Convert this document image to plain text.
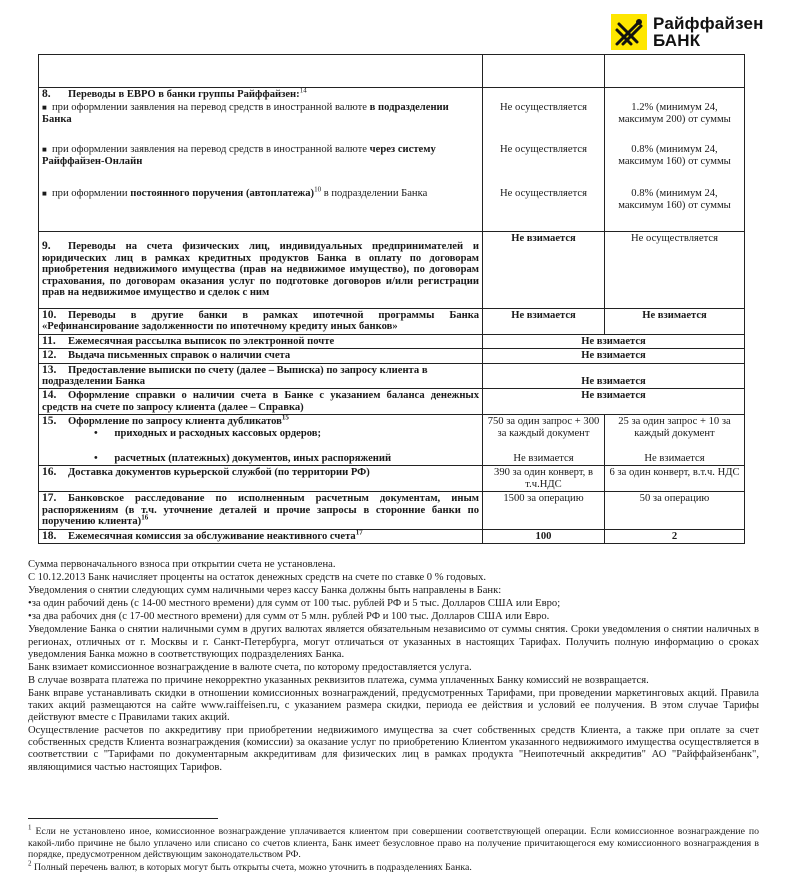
Райффайзен
БАНК

8. Переводы в ЕВРО в банки группы Райффайзен:$^{14}$		
■ при оформлении заявления на перевод средств в иностранной валюте в подразделении Банка	Не осуществляется	1.2% (минимум 24, максимум 200) от суммы
■ при оформлении заявления на перевод средств в иностранной валюте через систему Райффайзен-Онлайн	Не осуществляется	0.8% (минимум 24, максимум 160) от суммы
■ при оформлении постоянного поручения (автоплатежа)$^{10}$ в подразделении Банка	Не осуществляется	0.8% (минимум 24, максимум 160) от суммы
9. Переводы на счета физических лиц, индивидуальных предпринимателей и юридических лиц в рамках кредитных продуктов Банка в оплату по договорам приобретения недвижимого имущества (прав на недвижимое имущество), по договорам страхования, по договорам оказания услуг по подготовке договоров и/или регистрации прав на недвижимое имущество и сделок с ним	Не взимается	Не осуществляется
10. Переводы в другие банки в рамках ипотечной программы Банка «Рефинансирование задолженности по ипотечному кредиту иных банков»	Не взимается	Не взимается
11. Ежемесячная рассылка выписок по электронной почте	Не взимается	
12. Выдача письменных справок о наличии счета	Не взимается	
13. Предоставление выписки по счету (далее – Выписка) по запросу клиента в подразделении Банка	Не взимается	
14. Оформление справки о наличии счета в Банке с указанием баланса денежных средств на счете по запросу клиента (далее – Справка)	Не взимается	
15. Оформление по запросу клиента дубликатов$^{15}$
• приходных и расходных кассовых ордеров;	750 за один запрос + 300 за каждый документ	25 за один запрос + 10 за каждый документ
• расчетных (платежных) документов, иных распоряжений	Не взимается	Не взимается
16. Доставка документов курьерской службой (по территории РФ)	390 за один конверт, в т.ч.НДС	6 за один конверт, в.т.ч. НДС
17. Банковское расследование по исполненным расчетным документам, иным распоряжениям (в т.ч. уточнение деталей и прочие запросы в сторонние банки по поручению клиента)$^{16}$	1500 за операцию	50 за операцию
18. Ежемесячная комиссия за обслуживание неактивного счета$^{17}$	100	2

Сумма первоначального взноса при открытии счета не установлена.

С 10.12.2013 Банк начисляет проценты на остаток денежных средств на счете по ставке 0 % годовых.

Уведомления о снятии следующих сумм наличными через кассу Банка должны быть направлены в Банк:

•за один рабочий день (с 14-00 местного времени) для сумм от 100 тыс. рублей РФ и 5 тыс. Долларов США или Евро;

•за два рабочих дня (с 17-00 местного времени) для сумм от 5 млн. рублей РФ и 100 тыс. Долларов США или Евро.

Уведомление Банка о снятии наличными сумм в других валютах является обязательным независимо от суммы снятия. Сроки уведомления о снятии наличных в регионах, отличных от г. Москвы и г. Санкт-Петербурга, могут отличаться от указанных в настоящих Тарифах. Получить полную информацию о сроках уведомления Банка можно в соответствующих подразделениях Банка.

Банк взимает комиссионное вознаграждение в валюте счета, по которому предоставляется услуга.

В случае возврата платежа по причине некорректно указанных реквизитов платежа, сумма уплаченных Банку комиссий не возвращается.

Банк вправе устанавливать скидки в отношении комиссионных вознаграждений, предусмотренных Тарифами, при проведении маркетинговых акций. Правила таких акций размещаются на сайте www.raiffeisen.ru, с указанием размера скидки, периода ее действия и условий ее получения. В этом случае Тарифы действуют вместе с Правилами таких акций.

Осуществление расчетов по аккредитиву при приобретении недвижимого имущества за счет собственных средств Клиента, а также при оплате за счет собственных средств Клиента вознаграждения (комиссии) за оказание услуг по приобретению Клиентом указанного недвижимого имущества осуществляется в соответствии с "Тарифами по документарным аккредитивам для физических лиц в рамках продукта "Неипотечный аккредитив" АО "Райффайзенбанк", являющимися частью настоящих Тарифов.

$^1$ Если не установлено иное, комиссионное вознаграждение уплачивается клиентом при совершении соответствующей операции. Если комиссионное вознаграждение по какой-либо причине не было уплачено или списано со счетов клиента, Банк имеет безусловное право на получение причитающегося ему комиссионного вознаграждения в порядке, предусмотренном действующим законодательством РФ.

$^2$ Полный перечень валют, в которых могут быть открыты счета, можно уточнить в подразделениях Банка.
